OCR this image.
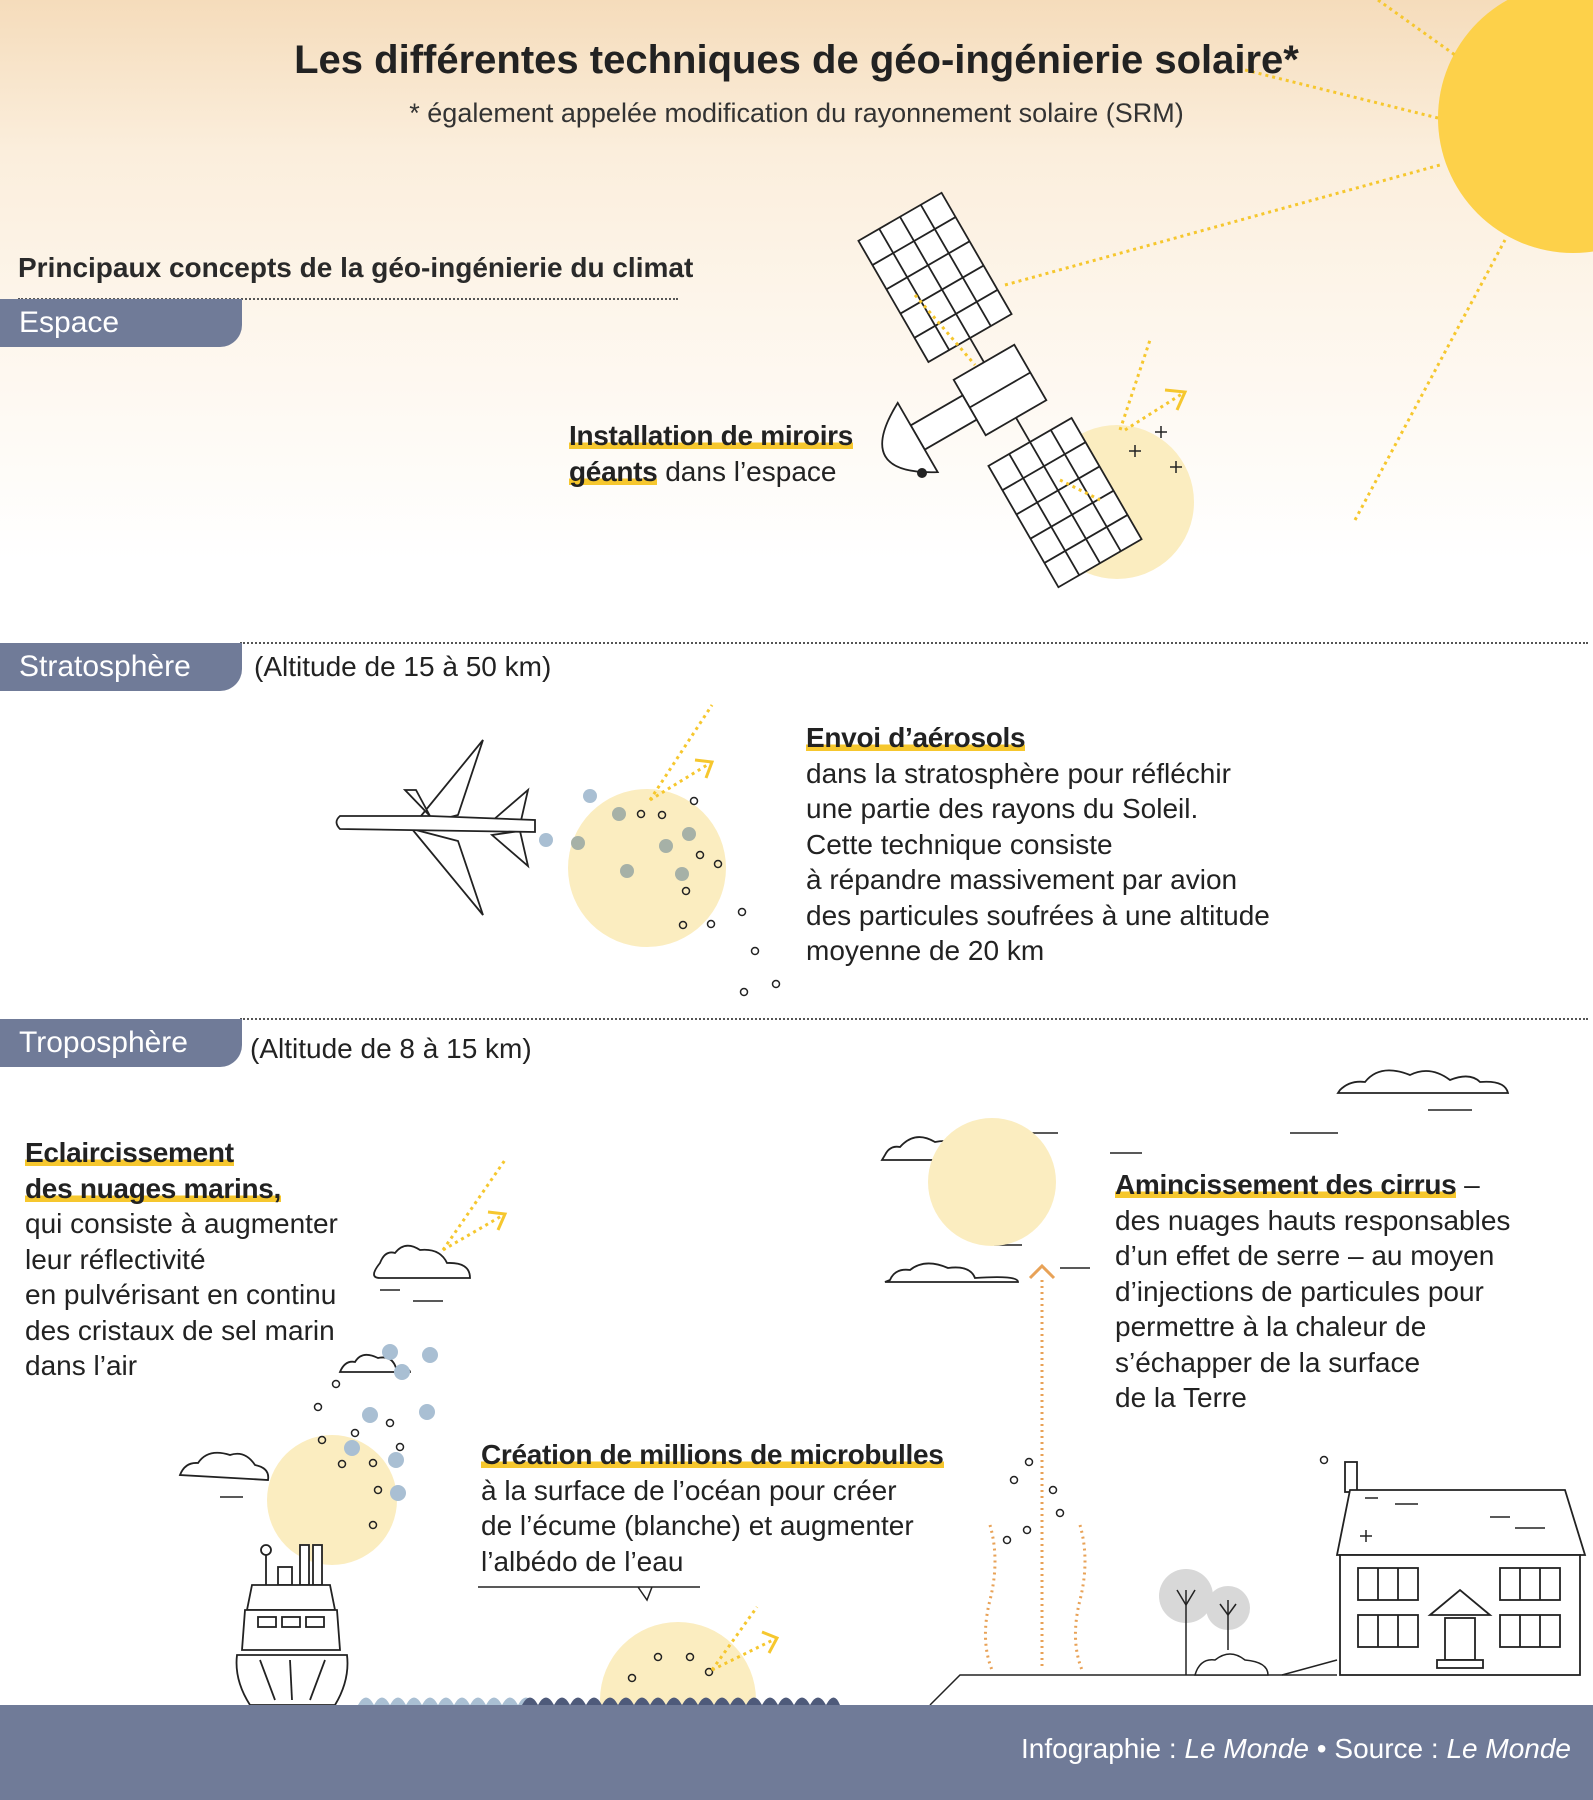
Les différentes techniques de géo-ingénierie solaire*
* également appelée modification du rayonnement solaire (SRM)
Principaux concepts de la géo-ingénierie du climat
Espace
Stratosphère	(Altitude de 15 à 50 km)
Troposphère	(Altitude de 8 à 15 km)
Installation de miroirs
géants dans l’espace
Envoi d’aérosols
dans la stratosphère pour réfléchir
une partie des rayons du Soleil.
Cette technique consiste
à répandre massivement par avion
des particules soufrées à une altitude
moyenne de 20 km
Eclaircissement
des nuages marins,
qui consiste à augmenter
leur réflectivité
en pulvérisant en continu
des cristaux de sel marin
dans l’air
Création de millions de microbulles
à la surface de l’océan pour créer
de l’écume (blanche) et augmenter
l’albédo de l’eau
Amincissement des cirrus –
des nuages hauts responsables
d’un effet de serre – au moyen
d’injections de particules pour
permettre à la chaleur de
s’échapper de la surface
de la Terre
Infographie : Le Monde • Source : Le Monde
